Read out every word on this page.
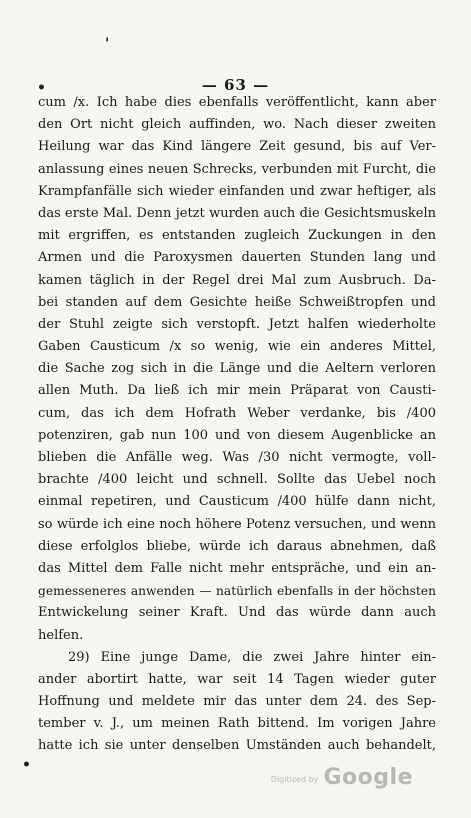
'
•
•
— 63 —
cum /x. Ich habe dies ebenfalls veröffentlicht, kann aber
den Ort nicht gleich auffinden, wo. Nach dieser zweiten
Heilung war das Kind längere Zeit gesund, bis auf Ver-
anlassung eines neuen Schrecks, verbunden mit Furcht, die
Krampfanfälle sich wieder einfanden und zwar heftiger, als
das erste Mal. Denn jetzt wurden auch die Gesichtsmuskeln
mit ergriffen, es entstanden zugleich Zuckungen in den
Armen und die Paroxysmen dauerten Stunden lang und
kamen täglich in der Regel drei Mal zum Ausbruch. Da-
bei standen auf dem Gesichte heiße Schweißtropfen und
der Stuhl zeigte sich verstopft. Jetzt halfen wiederholte
Gaben Causticum /x so wenig, wie ein anderes Mittel,
die Sache zog sich in die Länge und die Aeltern verloren
allen Muth. Da ließ ich mir mein Präparat von Causti-
cum, das ich dem Hofrath Weber verdanke, bis /400
potenziren, gab nun 100 und von diesem Augenblicke an
blieben die Anfälle weg. Was /30 nicht vermogte, voll-
brachte /400 leicht und schnell. Sollte das Uebel noch
einmal repetiren, und Causticum /400 hülfe dann nicht,
so würde ich eine noch höhere Potenz versuchen, und wenn
diese erfolglos bliebe, würde ich daraus abnehmen, daß
das Mittel dem Falle nicht mehr entspräche, und ein an-
gemesseneres anwenden — natürlich ebenfalls in der höchsten
Entwickelung seiner Kraft. Und das würde dann auch
helfen.
29) Eine junge Dame, die zwei Jahre hinter ein-
ander abortirt hatte, war seit 14 Tagen wieder guter
Hoffnung und meldete mir das unter dem 24. des Sep-
tember v. J., um meinen Rath bittend. Im vorigen Jahre
hatte ich sie unter denselben Umständen auch behandelt,
Digitized by Google
